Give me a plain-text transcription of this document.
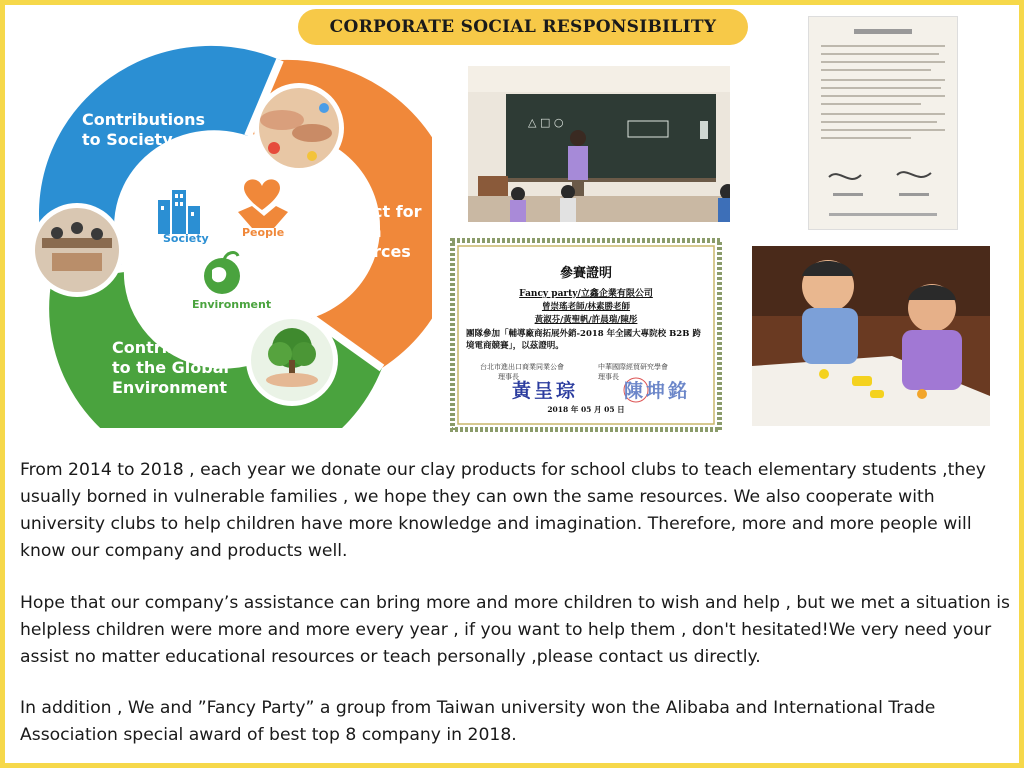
CORPORATE SOCIAL RESPONSIBILITY
Contributions
to Society
Respect for
Human
Resources
Contributions
to the Global
Environment
Society	People
Environment
△ □ ○
參賽證明
Fancy party/立鑫企業有限公司
曾崇瑤老師/林素勝老師
黃淑芬/黃聖帆/許晨瑞/陳彤
團隊參加「輔導廠商拓展外銷-2018 年全國大專院校 B2B 跨境電商競賽」，以茲證明。
台北市進出口商業同業公會
理事長
中華國際經貿研究學會
理事長
黃呈琮 陳坤銘
2018 年 05 月 05 日

From 2014 to 2018 , each year we donate our clay products for school clubs to teach elementary students ,they usually borned in vulnerable families , we hope they can own the same resources. We also cooperate with university clubs to help children have more knowledge and imagination. Therefore, more and more people will know our company and products well.

Hope that our company’s assistance can bring more and more children to wish and help , but we met a situation is helpless children were more and more every year , if you want to help them , don't hesitated!We very need your assist no matter educational resources or teach personally ,please contact us directly.

In addition , We and ”Fancy Party” a group from Taiwan university won the Alibaba and International Trade Association special award of best top 8 company in 2018.
